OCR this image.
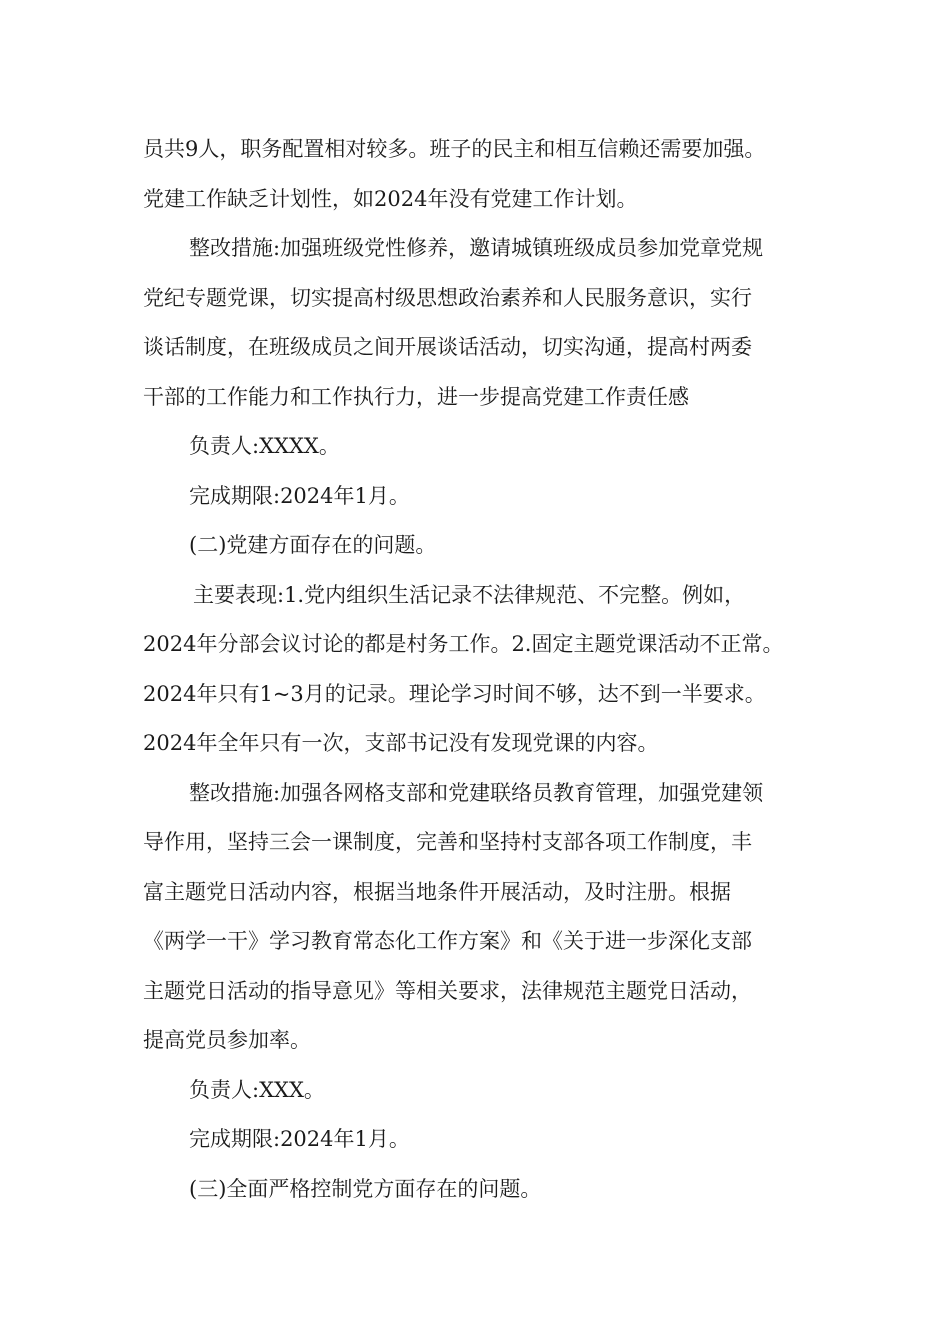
员共9人，职务配置相对较多。班子的民主和相互信赖还需要加强。
党建工作缺乏计划性，如2024年没有党建工作计划。
整改措施:加强班级党性修养，邀请城镇班级成员参加党章党规
党纪专题党课，切实提高村级思想政治素养和人民服务意识，实行
谈话制度，在班级成员之间开展谈话活动，切实沟通，提高村两委
干部的工作能力和工作执行力，进一步提高党建工作责任感
负责人:XXXX。
完成期限:2024年1月。
(二)党建方面存在的问题。
主要表现:1.党内组织生活记录不法律规范、不完整。例如，
2024年分部会议讨论的都是村务工作。2.固定主题党课活动不正常。
2024年只有1~3月的记录。理论学习时间不够，达不到一半要求。
2024年全年只有一次，支部书记没有发现党课的内容。
整改措施:加强各网格支部和党建联络员教育管理，加强党建领
导作用，坚持三会一课制度，完善和坚持村支部各项工作制度，丰
富主题党日活动内容，根据当地条件开展活动，及时注册。根据
《两学一干》学习教育常态化工作方案》和《关于进一步深化支部
主题党日活动的指导意见》等相关要求，法律规范主题党日活动，
提高党员参加率。
负责人:XXX。
完成期限:2024年1月。
(三)全面严格控制党方面存在的问题。
